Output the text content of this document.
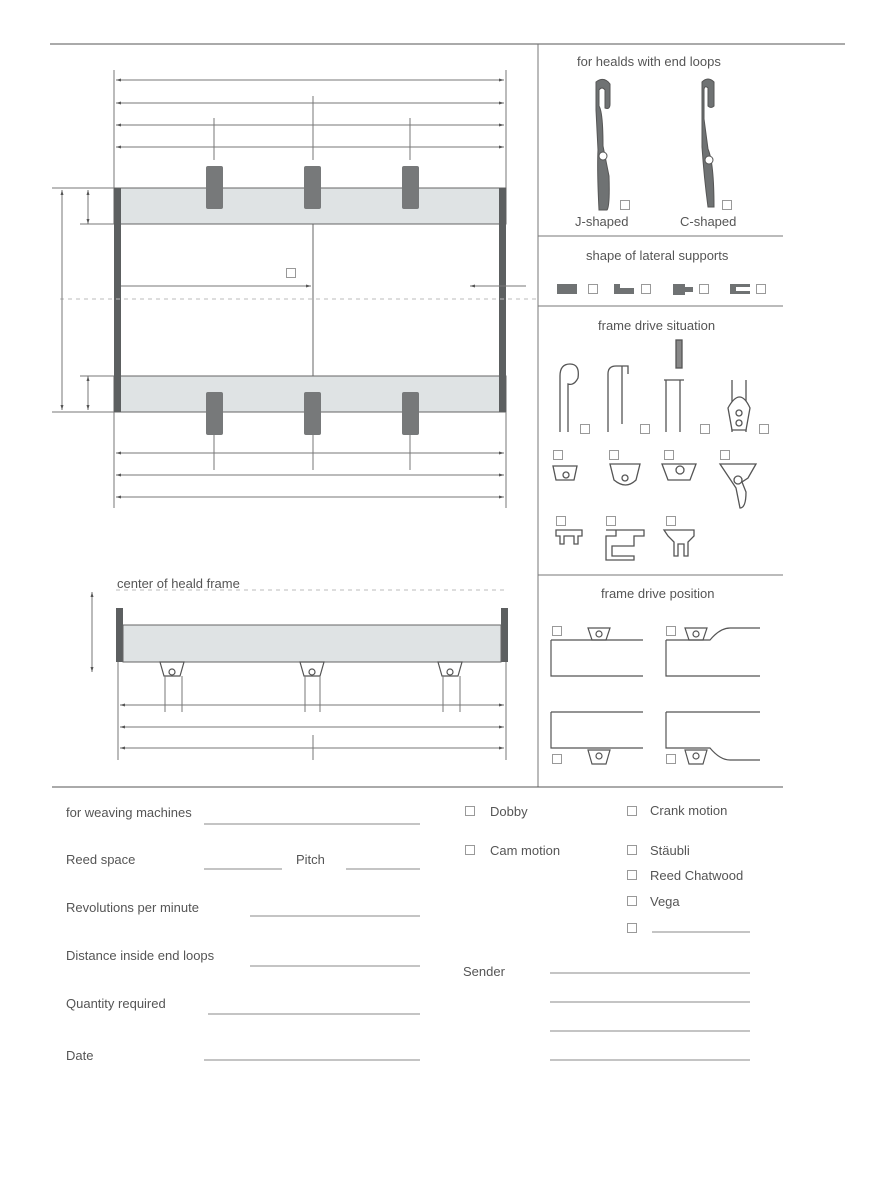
for healds with end loops
J-shaped	C-shaped
shape of lateral supports
frame drive situation
frame drive position
center of heald frame
for weaving machines
Reed space	Pitch
Revolutions per minute
Distance inside end loops
Quantity required
Date
Dobby
Cam motion
Crank motion
Stäubli
Reed Chatwood
Vega
Sender
